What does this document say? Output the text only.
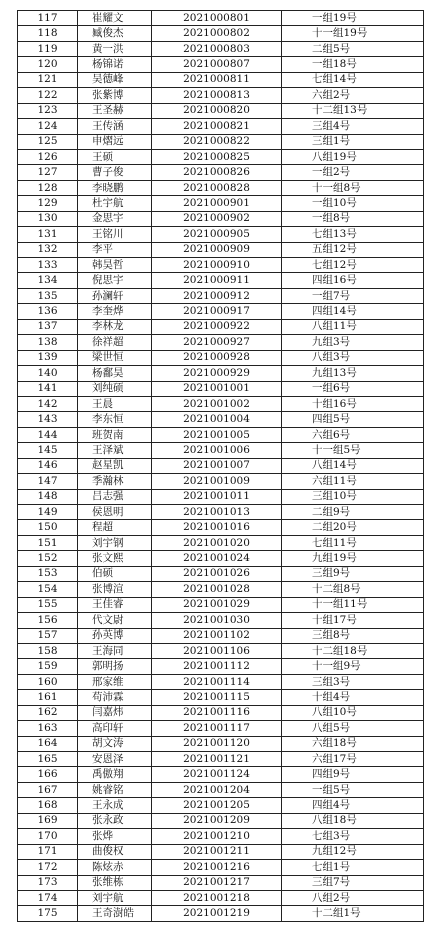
117	崔耀文	2021000801	一组19号
118	臧俊杰	2021000802	十一组19号
119	黄一洪	2021000803	二组5号
120	杨锦诺	2021000807	一组18号
121	吴德峰	2021000811	七组14号
122	张紫博	2021000813	六组2号
123	王圣赫	2021000820	十二组13号
124	王传涵	2021000821	三组4号
125	申熠远	2021000822	三组1号
126	王硕	2021000825	八组19号
127	曹子俊	2021000826	一组2号
128	李晓鹏	2021000828	十一组8号
129	杜宇航	2021000901	一组10号
130	金思宇	2021000902	一组8号
131	王铭川	2021000905	七组13号
132	李平	2021000909	五组12号
133	韩昊哲	2021000910	七组12号
134	倪思宇	2021000911	四组16号
135	孙澜轩	2021000912	一组7号
136	李奎烨	2021000917	四组14号
137	李林龙	2021000922	八组11号
138	徐祥超	2021000927	九组3号
139	梁世恒	2021000928	八组3号
140	杨鄱昊	2021000929	九组13号
141	刘纯硕	2021001001	一组6号
142	王晨	2021001002	十组16号
143	李东恒	2021001004	四组5号
144	班贺南	2021001005	六组6号
145	王泽斌	2021001006	十一组5号
146	赵星凯	2021001007	八组14号
147	季瀚林	2021001009	六组11号
148	吕志强	2021001011	三组10号
149	侯恩明	2021001013	二组9号
150	程超	2021001016	二组20号
151	刘宇钢	2021001020	七组11号
152	张文熙	2021001024	九组19号
153	伯硕	2021001026	三组9号
154	张博渲	2021001028	十二组8号
155	王佳睿	2021001029	十一组11号
156	代文尉	2021001030	十组17号
157	孙英博	2021001102	三组8号
158	王海同	2021001106	十二组18号
159	郭明扬	2021001112	十一组9号
160	邢家维	2021001114	三组3号
161	苟沛霖	2021001115	十组4号
162	闫嘉炜	2021001116	八组10号
163	高印轩	2021001117	八组5号
164	胡文涛	2021001120	六组18号
165	安恩泽	2021001121	六组17号
166	禹傲翔	2021001124	四组9号
167	姚睿铭	2021001204	一组5号
168	王永成	2021001205	四组4号
169	张永政	2021001209	八组18号
170	张烨	2021001210	七组3号
171	曲俊权	2021001211	九组12号
172	陈炫赤	2021001216	七组1号
173	张维栋	2021001217	三组7号
174	刘宇航	2021001218	八组2号
175	王奇澍皓	2021001219	十二组1号
